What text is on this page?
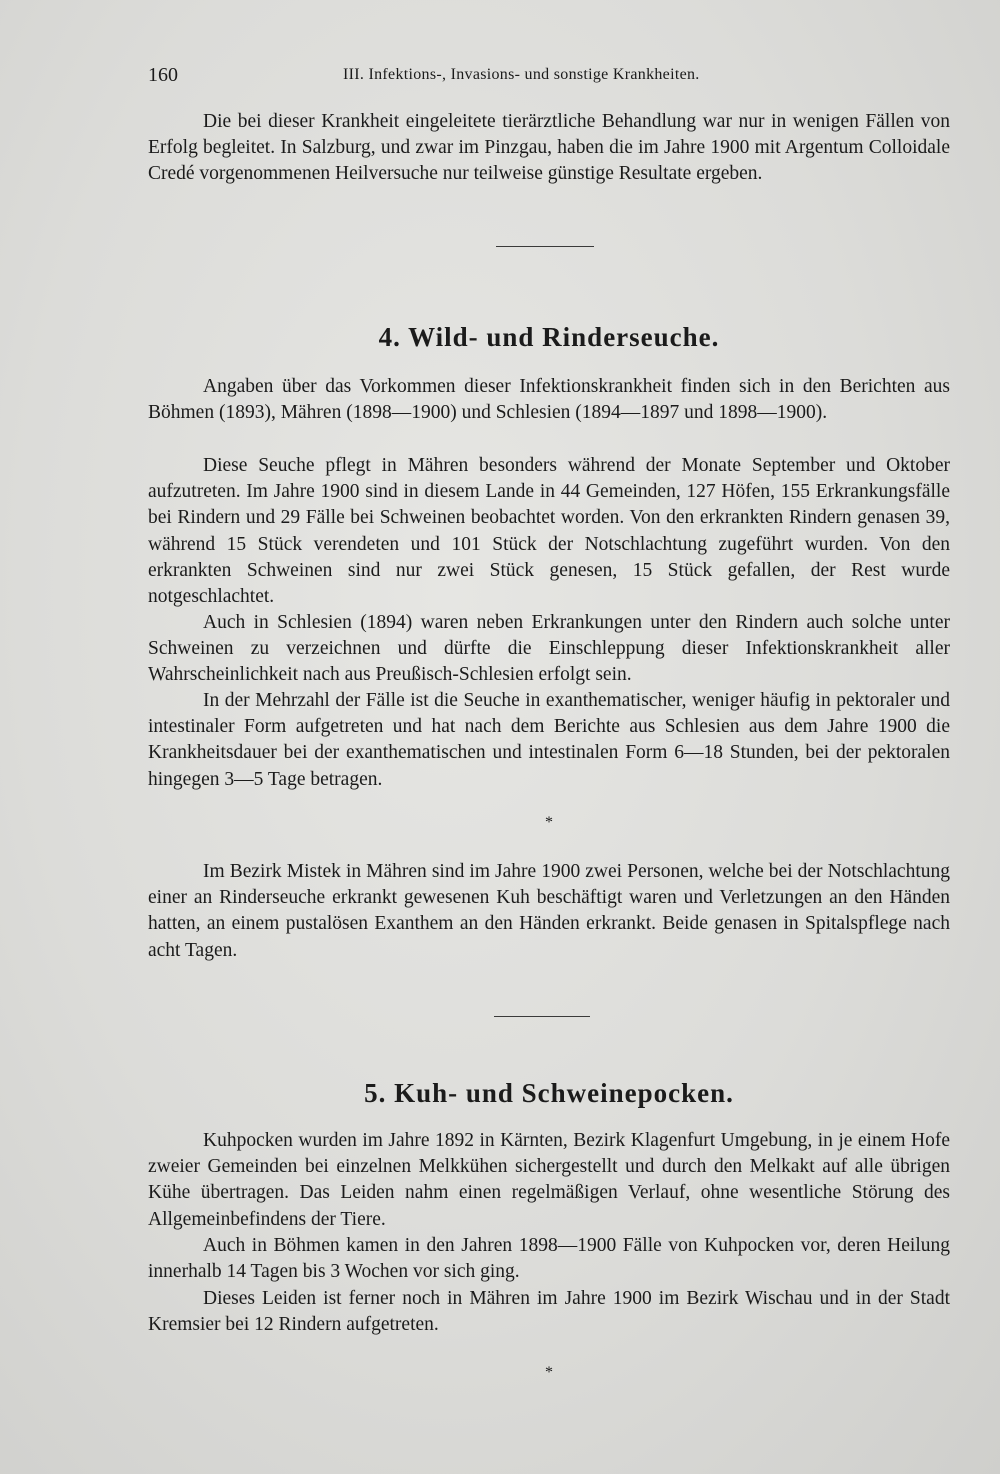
160	III. Infektions-, Invasions- und sonstige Krankheiten.

Die bei dieser Krankheit eingeleitete tierärztliche Behandlung war nur in wenigen Fällen von Erfolg begleitet. In Salzburg, und zwar im Pinzgau, haben die im Jahre 1900 mit Argentum Colloidale Credé vorgenommenen Heilversuche nur teilweise günstige Resultate ergeben.

4. Wild- und Rinderseuche.

Angaben über das Vorkommen dieser Infektionskrankheit finden sich in den Berichten aus Böhmen (1893), Mähren (1898—1900) und Schlesien (1894—1897 und 1898—1900).

Diese Seuche pflegt in Mähren besonders während der Monate September und Oktober aufzutreten. Im Jahre 1900 sind in diesem Lande in 44 Gemeinden, 127 Höfen, 155 Erkrankungsfälle bei Rindern und 29 Fälle bei Schweinen beobachtet worden. Von den erkrankten Rindern genasen 39, während 15 Stück verendeten und 101 Stück der Notschlachtung zugeführt wurden. Von den erkrankten Schweinen sind nur zwei Stück genesen, 15 Stück gefallen, der Rest wurde notgeschlachtet.

Auch in Schlesien (1894) waren neben Erkrankungen unter den Rindern auch solche unter Schweinen zu verzeichnen und dürfte die Einschleppung dieser Infektionskrankheit aller Wahrscheinlichkeit nach aus Preußisch-Schlesien erfolgt sein.

In der Mehrzahl der Fälle ist die Seuche in exanthematischer, weniger häufig in pektoraler und intestinaler Form aufgetreten und hat nach dem Berichte aus Schlesien aus dem Jahre 1900 die Krankheitsdauer bei der exanthematischen und intestinalen Form 6—18 Stunden, bei der pektoralen hingegen 3—5 Tage betragen.

*

Im Bezirk Mistek in Mähren sind im Jahre 1900 zwei Personen, welche bei der Notschlachtung einer an Rinderseuche erkrankt gewesenen Kuh beschäftigt waren und Verletzungen an den Händen hatten, an einem pustalösen Exanthem an den Händen erkrankt. Beide genasen in Spitalspflege nach acht Tagen.

5. Kuh- und Schweinepocken.

Kuhpocken wurden im Jahre 1892 in Kärnten, Bezirk Klagenfurt Umgebung, in je einem Hofe zweier Gemeinden bei einzelnen Melkkühen sichergestellt und durch den Melkakt auf alle übrigen Kühe übertragen. Das Leiden nahm einen regelmäßigen Verlauf, ohne wesentliche Störung des Allgemeinbefindens der Tiere.

Auch in Böhmen kamen in den Jahren 1898—1900 Fälle von Kuhpocken vor, deren Heilung innerhalb 14 Tagen bis 3 Wochen vor sich ging.

Dieses Leiden ist ferner noch in Mähren im Jahre 1900 im Bezirk Wischau und in der Stadt Kremsier bei 12 Rindern aufgetreten.

*
